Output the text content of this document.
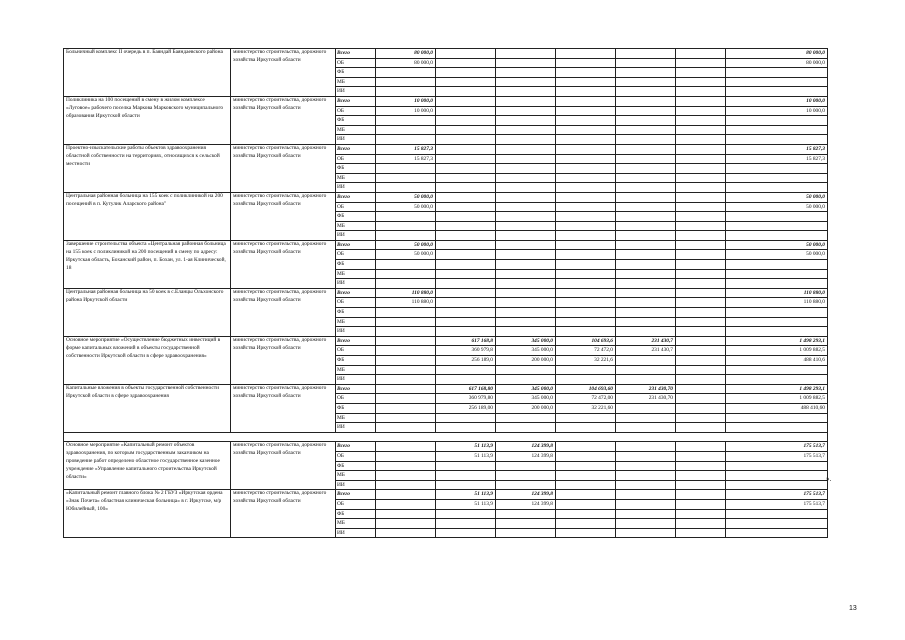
Больничный комплекс II очередь в п. Баяндай Баяндаевского района	министерство строительства, дорожного хозяйства Иркутской области	Всего	80 000,0						80 000,0
		ОБ	80 000,0						80 000,0
		ФБ							
		МБ							
		ИИ							
Поликлиника на 100 посещений в смену в жилом комплексе «Луговое» рабочего поселка Маркова Марковского муниципального образования Иркутской области	министерство строительства, дорожного хозяйства Иркутской области	Всего	10 000,0						10 000,0
		ОБ	10 000,0						10 000,0
		ФБ							
		МБ							
		ИИ							
Проектно-изыскательские работы объектов здравоохранения областной собственности на территориях, относящихся к сельской местности	министерство строительства, дорожного хозяйства Иркутской области	Всего	15 827,3						15 827,3
		ОБ	15 827,3						15 827,3
		ФБ							
		МБ							
		ИИ							
Центральная районная больница на 155 коек с поликлиникой на 200 посещений в п. Кутулик Аларского района"	министерство строительства, дорожного хозяйства Иркутской области	Всего	50 000,0						50 000,0
		ОБ	50 000,0						50 000,0
		ФБ							
		МБ							
		ИИ							
Завершение строительства объекта «Центральная районная больница на 155 коек с поликлиникой на 200 посещений в смену по адресу: Иркутская область, Боханский район, п. Бохан, ул. 1-ая Клинической, 18	министерство строительства, дорожного хозяйства Иркутской области	Всего	50 000,0						50 000,0
		ОБ	50 000,0						50 000,0
		ФБ							
		МБ							
		ИИ							
Центральная районная больница на 50 коек в с.Еланцы Ольхонского района Иркутской области	министерство строительства, дорожного хозяйства Иркутской области	Всего	110 880,0						110 880,0
		ОБ	110 880,0						110 880,0
		ФБ							
		МБ							
		ИИ							
Основное мероприятие «Осуществление бюджетных инвестиций в форме капитальных вложений в объекты государственной собственности Иркутской области в сфере здравоохранения»	министерство строительства, дорожного хозяйства Иркутской области	Всего		617 168,8	345 000,0	104 693,6	231 430,7		1 498 293,1
		ОБ		360 979,8	345 000,0	72 472,0	231 430,7		1 009 882,5
		ФБ		256 189,0	200 000,0	32 221,6			488 410,6
		МБ							
		ИИ							
Капитальные вложения в объекты государственной собственности Иркутской области в сфере здравоохранения	министерство строительства, дорожного хозяйства Иркутской области	Всего		617 168,80	345 000,0	104 693,60	231 430,70		1 498 293,1
		ОБ		360 979,80	345 000,0	72 472,00	231 430,70		1 009 882,5
		ФБ		256 189,00	200 000,0	32 221,60			488 410,60
		МБ							
		ИИ							

Основное мероприятие «Капитальный ремонт объектов здравоохранения, по которым государственным заказчиком на проведение работ определено областное государственное казенное учреждение «Управление капитального строительства Иркутской области»	министерство строительства, дорожного хозяйства Иркутской области	Всего		51 113,9	124 399,8				175 513,7
		ОБ		51 113,9	124 399,8				175 513,7
		ФБ							
		МБ							
		ИИ							
«Капитальный ремонт главного блока № 2 ГБУЗ «Иркутская ордена «Знак Почета» областная клиническая больница» в г. Иркутске, м/р Юбилейный, 100»	министерство строительства, дорожного хозяйства Иркутской области	Всего		51 113,9	124 399,8				175 513,7
		ОБ		51 113,9	124 399,8				175 513,7
		ФБ							
		МБ							
		ИИ							
».
13
